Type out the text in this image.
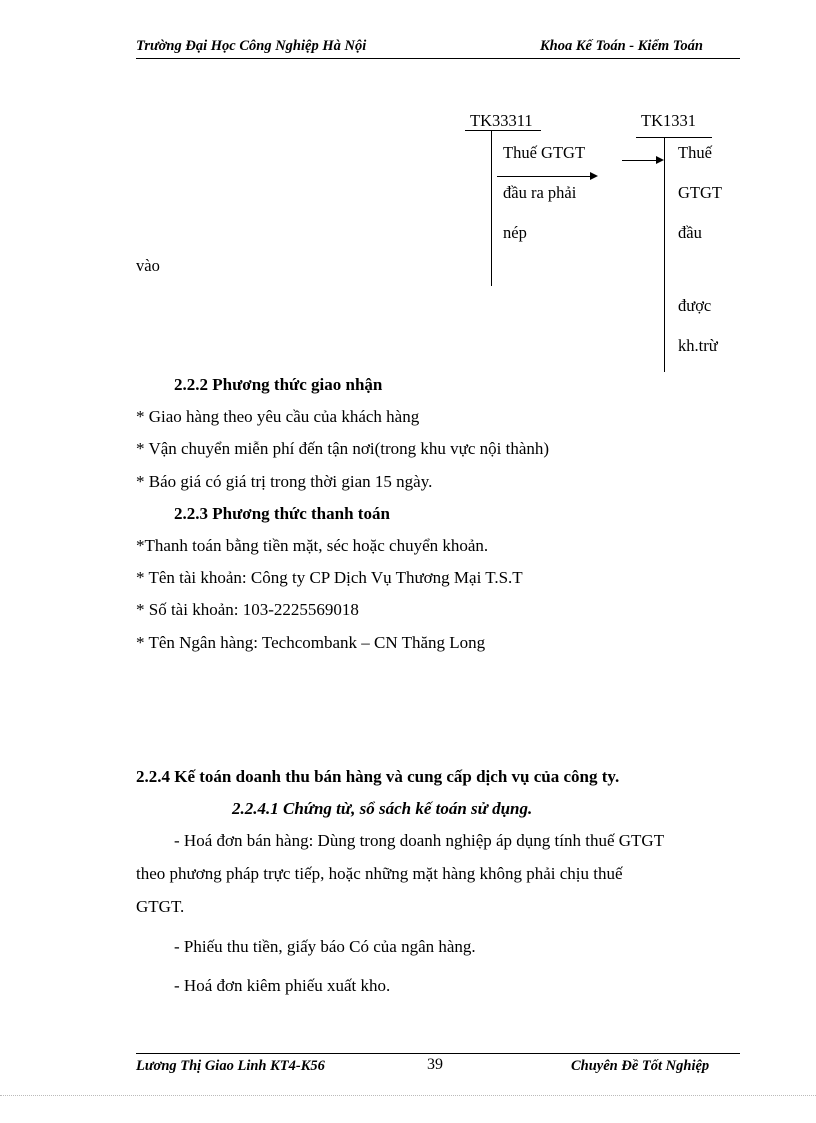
Trường Đại Học Công Nghiệp Hà Nội	Khoa Kế Toán - Kiểm Toán
TK33311	TK1331
Thuế GTGT
đầu ra phải
nép
Thuế
GTGT
đầu
được
kh.trừ
vào
2.2.2 Phương thức giao nhận
* Giao hàng theo yêu cầu của khách hàng
* Vận chuyển miễn phí đến tận nơi(trong khu vực nội thành)
* Báo giá có giá trị trong thời gian 15 ngày.
2.2.3 Phương thức thanh toán
*Thanh toán bằng tiền mặt, séc hoặc chuyển khoản.
* Tên tài khoản: Công ty CP Dịch Vụ Thương Mại T.S.T
* Số tài khoản: 103-2225569018
* Tên Ngân hàng: Techcombank – CN Thăng Long
2.2.4 Kế toán doanh thu bán hàng và cung cấp dịch vụ của công ty.
2.2.4.1 Chứng từ, sổ sách kế toán sử dụng.
- Hoá đơn bán hàng: Dùng trong doanh nghiệp áp dụng tính thuế GTGT
theo phương pháp trực tiếp, hoặc những mặt hàng không phải chịu thuế
GTGT.
- Phiếu thu tiền, giấy báo Có của ngân hàng.
- Hoá đơn kiêm phiếu xuất kho.
Lương Thị Giao Linh KT4-K56	39	Chuyên Đề Tốt Nghiệp
